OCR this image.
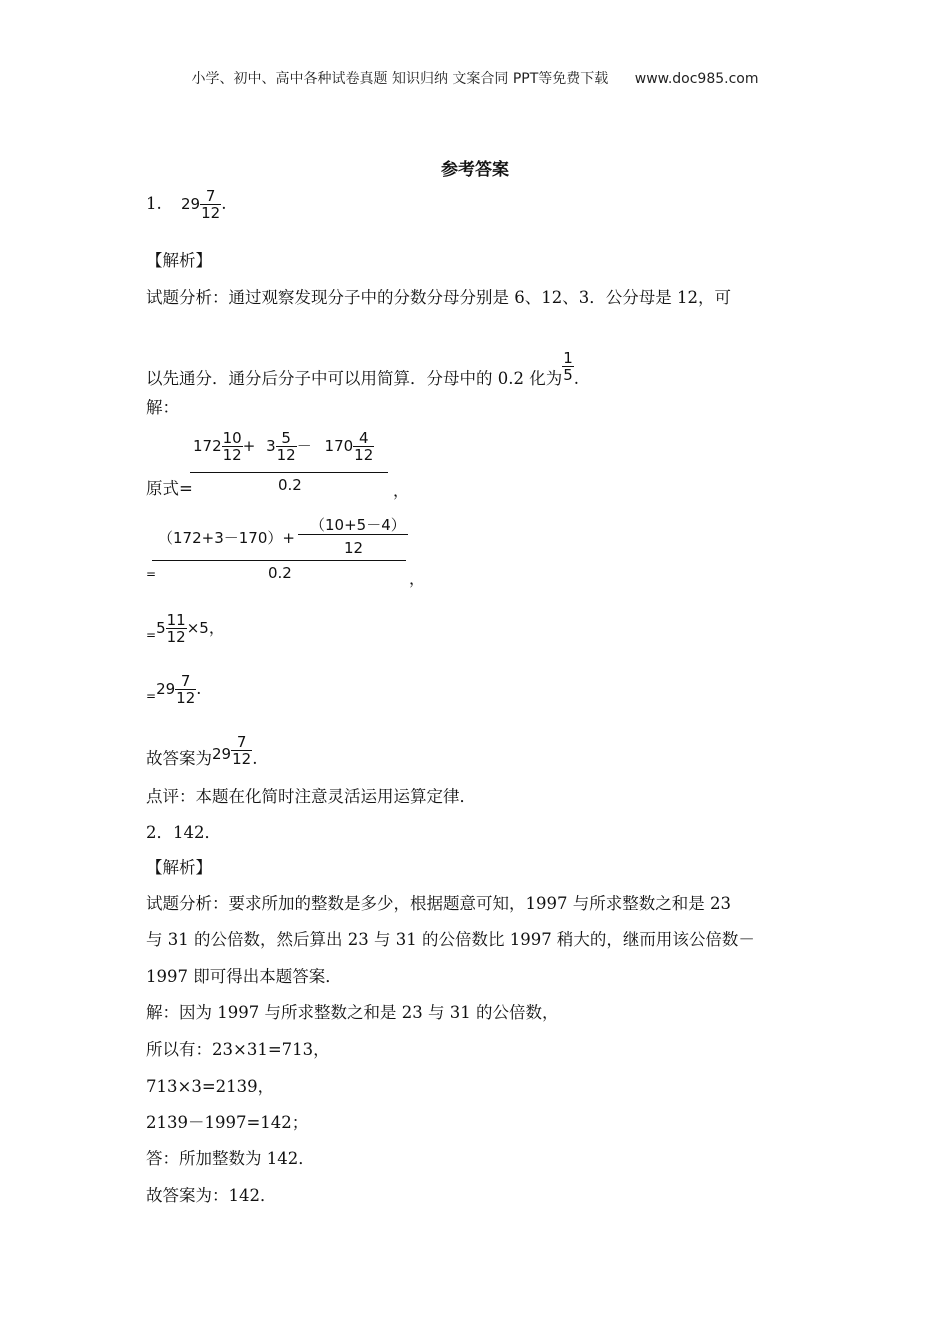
小学、初中、高中各种试卷真题 知识归纳 文案合同 PPT等免费下载 www.doc985.com
参考答案
1. $29 \frac{7}{12}$ .
【解析】
试题分析：通过观察发现分子中的分数分母分别是 6、12、3．公分母是 12，可
以先通分．通分后分子中可以用简算．分母中的 0.2 化为 $\frac{1}{5}$ .
解：
原式=
$172 \frac{10}{12} + 3 \frac{5}{12} - 170 \frac{4}{12}$
0.2	，
（172+3－170）+
（10+5－4）
12
0.2
=	，
$_=5 \frac{11}{12} \times 5$，
$_=29 \frac{7}{12}$ .
故答案为$29 \frac{7}{12}$ .
点评：本题在化简时注意灵活运用运算定律．
2．142．
【解析】
试题分析：要求所加的整数是多少，根据题意可知，1997 与所求整数之和是 23
与 31 的公倍数，然后算出 23 与 31 的公倍数比 1997 稍大的，继而用该公倍数－
1997 即可得出本题答案．
解：因为 1997 与所求整数之和是 23 与 31 的公倍数，
所以有：23×31=713，
713×3=2139，
2139－1997=142；
答：所加整数为 142．
故答案为：142．
